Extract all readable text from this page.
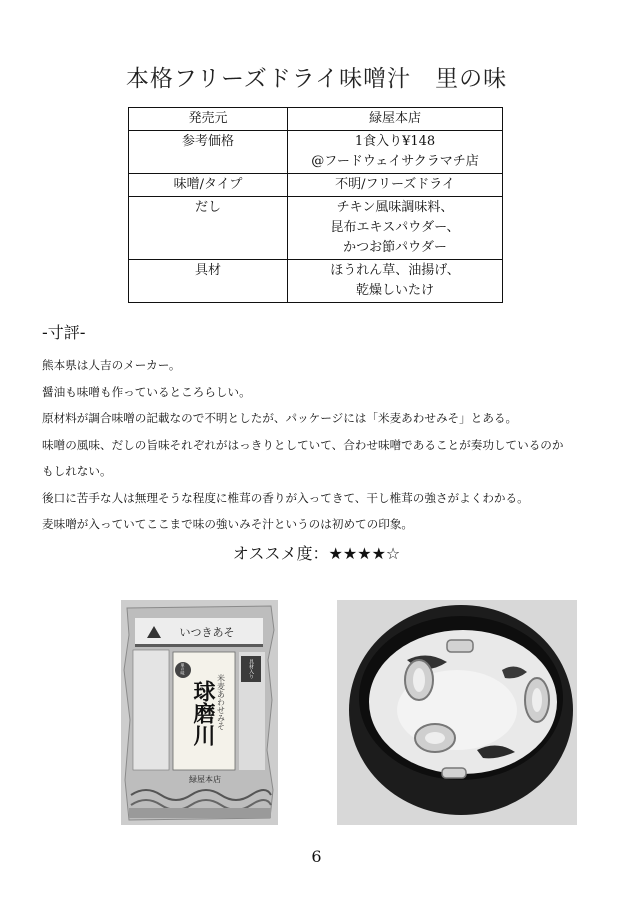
本格フリーズドライ味噌汁　里の味
発売元	緑屋本店

参考価格	1食入り¥148
@フードウェイサクラマチ店

味噌/タイプ	不明/フリーズドライ

だし	チキン風味調味料、
昆布エキスパウダー、
かつお節パウダー

具材	ほうれん草、油揚げ、
乾燥しいたけ
-寸評-

熊本県は人吉のメーカー。

醤油も味噌も作っているところらしい。

原材料が調合味噌の記載なので不明としたが、パッケージには「米麦あわせみそ」とある。

味噌の風味、だしの旨味それぞれがはっきりとしていて、合わせ味噌であることが奏功しているのか

もしれない。

後口に苦手な人は無理そうな程度に椎茸の香りが入ってきて、干し椎茸の強さがよくわかる。

麦味噌が入っていてここまで味の強いみそ汁というのは初めての印象。

オススメ度：★★★★☆
いつきあそ
米麦あわせみそ
球磨川
里の味	具材入り
緑屋本店
6
